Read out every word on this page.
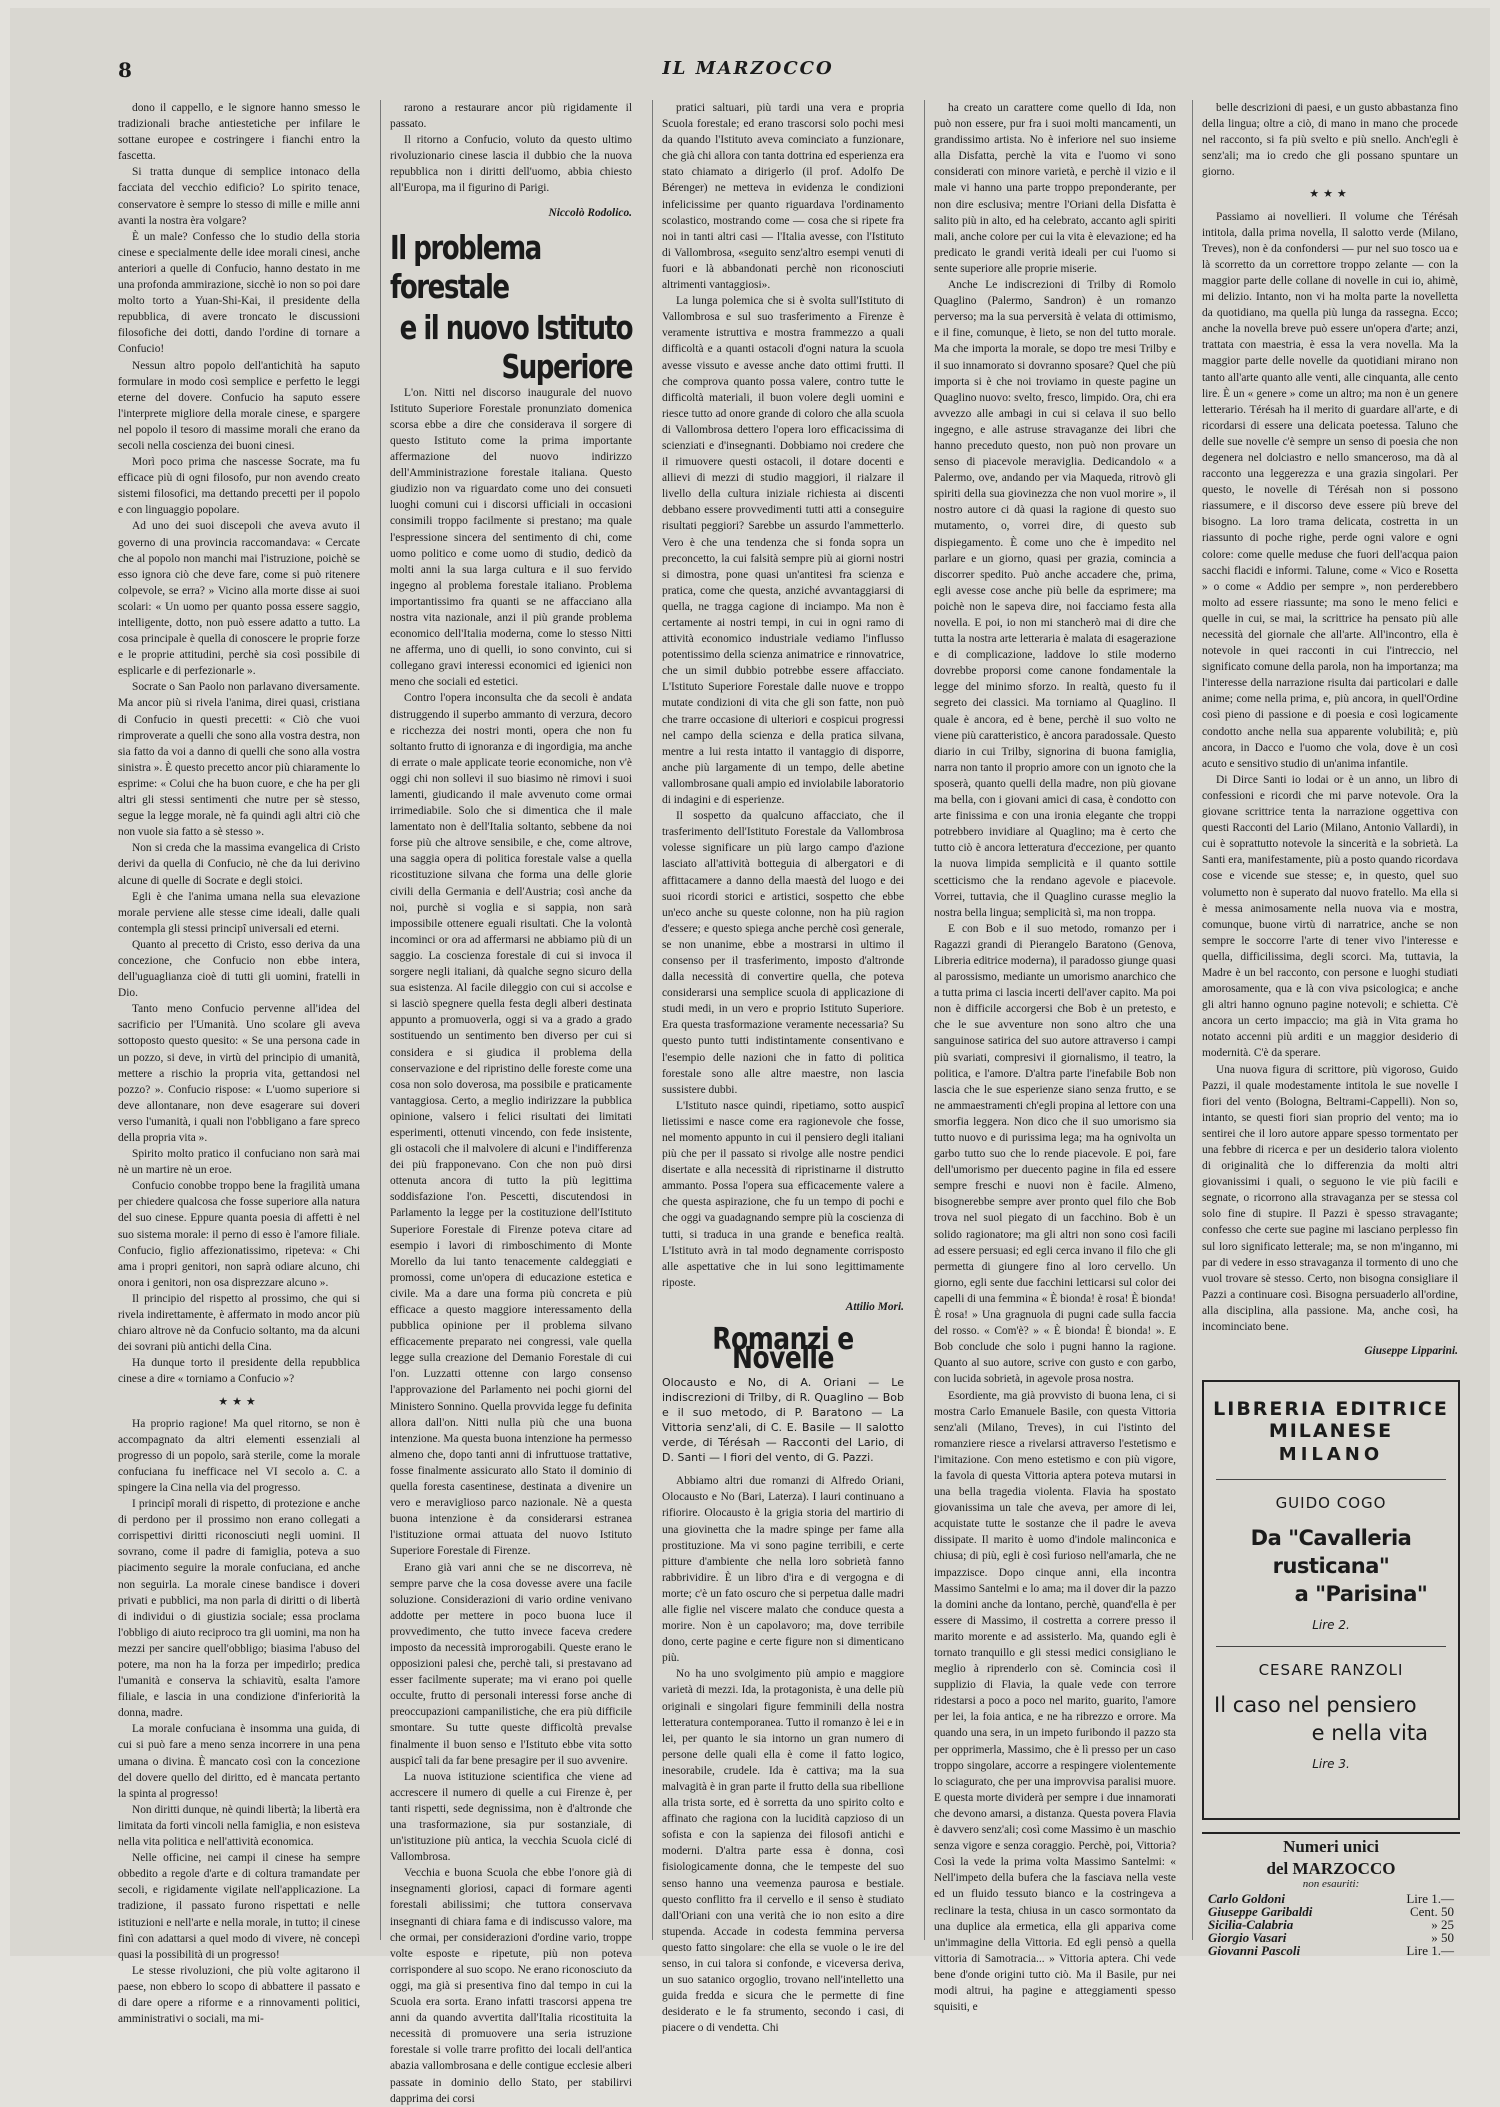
8	IL MARZOCCO

dono il cappello, e le signore hanno smesso le tradizionali brache antiestetiche per infilare le sottane europee e costringere i fianchi entro la fascetta.

Si tratta dunque di semplice intonaco della facciata del vecchio edificio? Lo spirito tenace, conservatore è sempre lo stesso di mille e mille anni avanti la nostra èra volgare?

È un male? Confesso che lo studio della storia cinese e specialmente delle idee morali cinesi, anche anteriori a quelle di Confucio, hanno destato in me una profonda ammirazione, sicchè io non so poi dare molto torto a Yuan-Shi-Kai, il presidente della repubblica, di avere troncato le discussioni filosofiche dei dotti, dando l'ordine di tornare a Confucio!

Nessun altro popolo dell'antichità ha saputo formulare in modo così semplice e perfetto le leggi eterne del dovere. Confucio ha saputo essere l'interprete migliore della morale cinese, e spargere nel popolo il tesoro di massime morali che erano da secoli nella coscienza dei buoni cinesi.

Morì poco prima che nascesse Socrate, ma fu efficace più di ogni filosofo, pur non avendo creato sistemi filosofici, ma dettando precetti per il popolo e con linguaggio popolare.

Ad uno dei suoi discepoli che aveva avuto il governo di una provincia raccomandava: « Cercate che al popolo non manchi mai l'istruzione, poichè se esso ignora ciò che deve fare, come si può ritenere colpevole, se erra? » Vicino alla morte disse ai suoi scolari: « Un uomo per quanto possa essere saggio, intelligente, dotto, non può essere adatto a tutto. La cosa principale è quella di conoscere le proprie forze e le proprie attitudini, perchè sia così possibile di esplicarle e di perfezionarle ».

Socrate o San Paolo non parlavano diversamente. Ma ancor più si rivela l'anima, direi quasi, cristiana di Confucio in questi precetti: « Ciò che vuoi rimproverate a quelli che sono alla vostra destra, non sia fatto da voi a danno di quelli che sono alla vostra sinistra ». È questo precetto ancor più chiaramente lo esprime: « Colui che ha buon cuore, e che ha per gli altri gli stessi sentimenti che nutre per sè stesso, segue la legge morale, nè fa quindi agli altri ciò che non vuole sia fatto a sè stesso ».

Non si creda che la massima evangelica di Cristo derivi da quella di Confucio, nè che da lui derivino alcune di quelle di Socrate e degli stoici.

Egli è che l'anima umana nella sua elevazione morale perviene alle stesse cime ideali, dalle quali contempla gli stessi principî universali ed eterni.

Quanto al precetto di Cristo, esso deriva da una concezione, che Confucio non ebbe intera, dell'uguaglianza cioè di tutti gli uomini, fratelli in Dio.

Tanto meno Confucio pervenne all'idea del sacrificio per l'Umanità. Uno scolare gli aveva sottoposto questo quesito: « Se una persona cade in un pozzo, si deve, in virtù del principio di umanità, mettere a rischio la propria vita, gettandosi nel pozzo? ». Confucio rispose: « L'uomo superiore si deve allontanare, non deve esagerare sui doveri verso l'umanità, i quali non l'obbligano a fare spreco della propria vita ».

Spirito molto pratico il confuciano non sarà mai nè un martire nè un eroe.

Confucio conobbe troppo bene la fragilità umana per chiedere qualcosa che fosse superiore alla natura del suo cinese. Eppure quanta poesia di affetti è nel suo sistema morale: il perno di esso è l'amore filiale. Confucio, figlio affezionatissimo, ripeteva: « Chi ama i propri genitori, non saprà odiare alcuno, chi onora i genitori, non osa disprezzare alcuno ».

Il principio del rispetto al prossimo, che qui si rivela indirettamente, è affermato in modo ancor più chiaro altrove nè da Confucio soltanto, ma da alcuni dei sovrani più antichi della Cina.

Ha dunque torto il presidente della repubblica cinese a dire « torniamo a Confucio »?

★★★

Ha proprio ragione! Ma quel ritorno, se non è accompagnato da altri elementi essenziali al progresso di un popolo, sarà sterile, come la morale confuciana fu inefficace nel VI secolo a. C. a spingere la Cina nella via del progresso.

I principî morali di rispetto, di protezione e anche di perdono per il prossimo non erano collegati a corrispettivi diritti riconosciuti negli uomini. Il sovrano, come il padre di famiglia, poteva a suo piacimento seguire la morale confuciana, ed anche non seguirla. La morale cinese bandisce i doveri privati e pubblici, ma non parla di diritti o di libertà di individui o di giustizia sociale; essa proclama l'obbligo di aiuto reciproco tra gli uomini, ma non ha mezzi per sancire quell'obbligo; biasima l'abuso del potere, ma non ha la forza per impedirlo; predica l'umanità e conserva la schiavitù, esalta l'amore filiale, e lascia in una condizione d'inferiorità la donna, madre.

La morale confuciana è insomma una guida, di cui si può fare a meno senza incorrere in una pena umana o divina. È mancato così con la concezione del dovere quello del diritto, ed è mancata pertanto la spinta al progresso!

Non diritti dunque, nè quindi libertà; la libertà era limitata da forti vincoli nella famiglia, e non esisteva nella vita politica e nell'attività economica.

Nelle officine, nei campi il cinese ha sempre obbedito a regole d'arte e di coltura tramandate per secoli, e rigidamente vigilate nell'applicazione. La tradizione, il passato furono rispettati e nelle istituzioni e nell'arte e nella morale, in tutto; il cinese finì con adattarsi a quel modo di vivere, nè concepì quasi la possibilità di un progresso!

Le stesse rivoluzioni, che più volte agitarono il paese, non ebbero lo scopo di abbattere il passato e di dare opere a riforme e a rinnovamenti politici, amministrativi o sociali, ma mi-

rarono a restaurare ancor più rigidamente il passato.

Il ritorno a Confucio, voluto da questo ultimo rivoluzionario cinese lascia il dubbio che la nuova repubblica non i diritti dell'uomo, abbia chiesto all'Europa, ma il figurino di Parigi.

Niccolò Rodolico.

Il problema forestale

e il nuovo Istituto Superiore

L'on. Nitti nel discorso inaugurale del nuovo Istituto Superiore Forestale pronunziato domenica scorsa ebbe a dire che considerava il sorgere di questo Istituto come la prima importante affermazione del nuovo indirizzo dell'Amministrazione forestale italiana. Questo giudizio non va riguardato come uno dei consueti luoghi comuni cui i discorsi ufficiali in occasioni consimili troppo facilmente si prestano; ma quale l'espressione sincera del sentimento di chi, come uomo politico e come uomo di studio, dedicò da molti anni la sua larga cultura e il suo fervido ingegno al problema forestale italiano. Problema importantissimo fra quanti se ne affacciano alla nostra vita nazionale, anzi il più grande problema economico dell'Italia moderna, come lo stesso Nitti ne afferma, uno di quelli, io sono convinto, cui si collegano gravi interessi economici ed igienici non meno che sociali ed estetici.

Contro l'opera inconsulta che da secoli è andata distruggendo il superbo ammanto di verzura, decoro e ricchezza dei nostri monti, opera che non fu soltanto frutto di ignoranza e di ingordigia, ma anche di errate o male applicate teorie economiche, non v'è oggi chi non sollevi il suo biasimo nè rimovi i suoi lamenti, giudicando il male avvenuto come ormai irrimediabile. Solo che si dimentica che il male lamentato non è dell'Italia soltanto, sebbene da noi forse più che altrove sensibile, e che, come altrove, una saggia opera di politica forestale valse a quella ricostituzione silvana che forma una delle glorie civili della Germania e dell'Austria; così anche da noi, purchè si voglia e si sappia, non sarà impossibile ottenere eguali risultati. Che la volontà incominci or ora ad affermarsi ne abbiamo più di un saggio. La coscienza forestale di cui si invoca il sorgere negli italiani, dà qualche segno sicuro della sua esistenza. Al facile dileggio con cui si accolse e si lasciò spegnere quella festa degli alberi destinata appunto a promuoverla, oggi si va a grado a grado sostituendo un sentimento ben diverso per cui si considera e si giudica il problema della conservazione e del ripristino delle foreste come una cosa non solo doverosa, ma possibile e praticamente vantaggiosa. Certo, a meglio indirizzare la pubblica opinione, valsero i felici risultati dei limitati esperimenti, ottenuti vincendo, con fede insistente, gli ostacoli che il malvolere di alcuni e l'indifferenza dei più frapponevano. Con che non può dirsi ottenuta ancora di tutto la più legittima soddisfazione l'on. Pescetti, discutendosi in Parlamento la legge per la costituzione dell'Istituto Superiore Forestale di Firenze poteva citare ad esempio i lavori di rimboschimento di Monte Morello da lui tanto tenacemente caldeggiati e promossi, come un'opera di educazione estetica e civile. Ma a dare una forma più concreta e più efficace a questo maggiore interessamento della pubblica opinione per il problema silvano efficacemente preparato nei congressi, vale quella legge sulla creazione del Demanio Forestale di cui l'on. Luzzatti ottenne con largo consenso l'approvazione del Parlamento nei pochi giorni del Ministero Sonnino. Quella provvida legge fu definita allora dall'on. Nitti nulla più che una buona intenzione. Ma questa buona intenzione ha permesso almeno che, dopo tanti anni di infruttuose trattative, fosse finalmente assicurato allo Stato il dominio di quella foresta casentinese, destinata a divenire un vero e meraviglioso parco nazionale. Nè a questa buona intenzione è da considerarsi estranea l'istituzione ormai attuata del nuovo Istituto Superiore Forestale di Firenze.

Erano già vari anni che se ne discorreva, nè sempre parve che la cosa dovesse avere una facile soluzione. Considerazioni di vario ordine venivano addotte per mettere in poco buona luce il provvedimento, che tutto invece faceva credere imposto da necessità improrogabili. Queste erano le opposizioni palesi che, perchè tali, si prestavano ad esser facilmente superate; ma vi erano poi quelle occulte, frutto di personali interessi forse anche di preoccupazioni campanilistiche, che era più difficile smontare. Su tutte queste difficoltà prevalse finalmente il buon senso e l'Istituto ebbe vita sotto auspicî tali da far bene presagire per il suo avvenire.

La nuova istituzione scientifica che viene ad accrescere il numero di quelle a cui Firenze è, per tanti rispetti, sede degnissima, non è d'altronde che una trasformazione, sia pur sostanziale, di un'istituzione più antica, la vecchia Scuola ciclé di Vallombrosa.

Vecchia e buona Scuola che ebbe l'onore già di insegnamenti gloriosi, capaci di formare agenti forestali abilissimi; che tuttora conservava insegnanti di chiara fama e di indiscusso valore, ma che ormai, per considerazioni d'ordine vario, troppe volte esposte e ripetute, più non poteva corrispondere al suo scopo. Ne erano riconosciuto da oggi, ma già si presentiva fino dal tempo in cui la Scuola era sorta. Erano infatti trascorsi appena tre anni da quando avvertita dall'Italia ricostituita la necessità di promuovere una seria istruzione forestale si volle trarre profitto dei locali dell'antica abazia vallombrosana e delle contigue ecclesie alberi passate in dominio dello Stato, per stabilirvi dapprima dei corsi

pratici saltuari, più tardi una vera e propria Scuola forestale; ed erano trascorsi solo pochi mesi da quando l'Istituto aveva cominciato a funzionare, che già chi allora con tanta dottrina ed esperienza era stato chiamato a dirigerlo (il prof. Adolfo De Bérenger) ne metteva in evidenza le condizioni infelicissime per quanto riguardava l'ordinamento scolastico, mostrando come — cosa che si ripete fra noi in tanti altri casi — l'Italia avesse, con l'Istituto di Vallombrosa, «seguito senz'altro esempi venuti di fuori e là abbandonati perchè non riconosciuti altrimenti vantaggiosi».

La lunga polemica che si è svolta sull'Istituto di Vallombrosa e sul suo trasferimento a Firenze è veramente istruttiva e mostra frammezzo a quali difficoltà e a quanti ostacoli d'ogni natura la scuola avesse vissuto e avesse anche dato ottimi frutti. Il che comprova quanto possa valere, contro tutte le difficoltà materiali, il buon volere degli uomini e riesce tutto ad onore grande di coloro che alla scuola di Vallombrosa dettero l'opera loro efficacissima di scienziati e d'insegnanti. Dobbiamo noi credere che il rimuovere questi ostacoli, il dotare docenti e allievi di mezzi di studio maggiori, il rialzare il livello della cultura iniziale richiesta ai discenti debbano essere provvedimenti tutti atti a conseguire risultati peggiori? Sarebbe un assurdo l'ammetterlo. Vero è che una tendenza che si fonda sopra un preconcetto, la cui falsità sempre più ai giorni nostri si dimostra, pone quasi un'antitesi fra scienza e pratica, come che questa, anziché avvantaggiarsi di quella, ne tragga cagione di inciampo. Ma non è certamente ai nostri tempi, in cui in ogni ramo di attività economico industriale vediamo l'influsso potentissimo della scienza animatrice e rinnovatrice, che un simil dubbio potrebbe essere affacciato. L'Istituto Superiore Forestale dalle nuove e troppo mutate condizioni di vita che gli son fatte, non può che trarre occasione di ulteriori e cospicui progressi nel campo della scienza e della pratica silvana, mentre a lui resta intatto il vantaggio di disporre, anche più largamente di un tempo, delle abetine vallombrosane quali ampio ed inviolabile laboratorio di indagini e di esperienze.

Il sospetto da qualcuno affacciato, che il trasferimento dell'Istituto Forestale da Vallombrosa volesse significare un più largo campo d'azione lasciato all'attività botteguia di albergatori e di affittacamere a danno della maestà del luogo e dei suoi ricordi storici e artistici, sospetto che ebbe un'eco anche su queste colonne, non ha più ragion d'essere; e questo spiega anche perchè così generale, se non unanime, ebbe a mostrarsi in ultimo il consenso per il trasferimento, imposto d'altronde dalla necessità di convertire quella, che poteva considerarsi una semplice scuola di applicazione di studi medi, in un vero e proprio Istituto Superiore. Era questa trasformazione veramente necessaria? Su questo punto tutti indistintamente consentivano e l'esempio delle nazioni che in fatto di politica forestale sono alle altre maestre, non lascia sussistere dubbi.

L'Istituto nasce quindi, ripetiamo, sotto auspicî lietissimi e nasce come era ragionevole che fosse, nel momento appunto in cui il pensiero degli italiani più che per il passato si rivolge alle nostre pendici disertate e alla necessità di ripristinarne il distrutto ammanto. Possa l'opera sua efficacemente valere a che questa aspirazione, che fu un tempo di pochi e che oggi va guadagnando sempre più la coscienza di tutti, si traduca in una grande e benefica realtà. L'Istituto avrà in tal modo degnamente corrisposto alle aspettative che in lui sono legittimamente riposte.

Attilio Mori.

Romanzi e Novelle

Olocausto e No, di A. Oriani — Le indiscrezioni di Trilby, di R. Quaglino — Bob e il suo metodo, di P. Baratono — La Vittoria senz'ali, di C. E. Basile — Il salotto verde, di Térésah — Racconti del Lario, di D. Santi — I fiori del vento, di G. Pazzi.

Abbiamo altri due romanzi di Alfredo Oriani, Olocausto e No (Bari, Laterza). I lauri continuano a rifiorire. Olocausto è la grigia storia del martirio di una giovinetta che la madre spinge per fame alla prostituzione. Ma vi sono pagine terribili, e certe pitture d'ambiente che nella loro sobrietà fanno rabbrividire. È un libro d'ira e di vergogna e di morte; c'è un fato oscuro che si perpetua dalle madri alle figlie nel viscere malato che conduce questa a morire. Non è un capolavoro; ma, dove terribile dono, certe pagine e certe figure non si dimenticano più.

No ha uno svolgimento più ampio e maggiore varietà di mezzi. Ida, la protagonista, è una delle più originali e singolari figure femminili della nostra letteratura contemporanea. Tutto il romanzo è lei e in lei, per quanto le sia intorno un gran numero di persone delle quali ella è come il fatto logico, inesorabile, crudele. Ida è cattiva; ma la sua malvagità è in gran parte il frutto della sua ribellione alla trista sorte, ed è sorretta da uno spirito colto e affinato che ragiona con la lucidità capzioso di un sofista e con la sapienza dei filosofi antichi e moderni. D'altra parte essa è donna, così fisiologicamente donna, che le tempeste del suo senso hanno una veemenza paurosa e bestiale. questo conflitto fra il cervello e il senso è studiato dall'Oriani con una verità che io non esito a dire stupenda. Accade in codesta femmina perversa questo fatto singolare: che ella se vuole o le ire del senso, in cui talora si confonde, e viceversa deriva, un suo satanico orgoglio, trovano nell'intelletto una guida fredda e sicura che le permette di fine desiderato e le fa strumento, secondo i casi, di piacere o di vendetta. Chi

ha creato un carattere come quello di Ida, non può non essere, pur fra i suoi molti mancamenti, un grandissimo artista. No è inferiore nel suo insieme alla Disfatta, perchè la vita e l'uomo vi sono considerati con minore varietà, e perchè il vizio e il male vi hanno una parte troppo preponderante, per non dire esclusiva; mentre l'Oriani della Disfatta è salito più in alto, ed ha celebrato, accanto agli spiriti mali, anche colore per cui la vita è elevazione; ed ha predicato le grandi verità ideali per cui l'uomo si sente superiore alle proprie miserie.

Anche Le indiscrezioni di Trilby di Romolo Quaglino (Palermo, Sandron) è un romanzo perverso; ma la sua perversità è velata di ottimismo, e il fine, comunque, è lieto, se non del tutto morale. Ma che importa la morale, se dopo tre mesi Trilby e il suo innamorato si dovranno sposare? Quel che più importa si è che noi troviamo in queste pagine un Quaglino nuovo: svelto, fresco, limpido. Ora, chi era avvezzo alle ambagi in cui si celava il suo bello ingegno, e alle astruse stravaganze dei libri che hanno preceduto questo, non può non provare un senso di piacevole meraviglia. Dedicandolo « a Palermo, ove, andando per via Maqueda, ritrovò gli spiriti della sua giovinezza che non vuol morire », il nostro autore ci dà quasi la ragione di questo suo mutamento, o, vorrei dire, di questo sub dispiegamento. È come uno che è impedito nel parlare e un giorno, quasi per grazia, comincia a discorrer spedito. Può anche accadere che, prima, egli avesse cose anche più belle da esprimere; ma poichè non le sapeva dire, noi facciamo festa alla novella. E poi, io non mi stancherò mai di dire che tutta la nostra arte letteraria è malata di esagerazione e di complicazione, laddove lo stile moderno dovrebbe proporsi come canone fondamentale la legge del minimo sforzo. In realtà, questo fu il segreto dei classici. Ma torniamo al Quaglino. Il quale è ancora, ed è bene, perchè il suo volto ne viene più caratteristico, è ancora paradossale. Questo diario in cui Trilby, signorina di buona famiglia, narra non tanto il proprio amore con un ignoto che la sposerà, quanto quelli della madre, non più giovane ma bella, con i giovani amici di casa, è condotto con arte finissima e con una ironia elegante che troppi potrebbero invidiare al Quaglino; ma è certo che tutto ciò è ancora letteratura d'eccezione, per quanto la nuova limpida semplicità e il quanto sottile scetticismo che la rendano agevole e piacevole. Vorrei, tuttavia, che il Quaglino curasse meglio la nostra bella lingua; semplicità sì, ma non troppa.

E con Bob e il suo metodo, romanzo per i Ragazzi grandi di Pierangelo Baratono (Genova, Libreria editrice moderna), il paradosso giunge quasi al parossismo, mediante un umorismo anarchico che a tutta prima ci lascia incerti dell'aver capito. Ma poi non è difficile accorgersi che Bob è un pretesto, e che le sue avventure non sono altro che una sanguinose satirica del suo autore attraverso i campi più svariati, compresivi il giornalismo, il teatro, la politica, e l'amore. D'altra parte l'inefabile Bob non lascia che le sue esperienze siano senza frutto, e se ne ammaestramenti ch'egli propina al lettore con una smorfia leggera. Non dico che il suo umorismo sia tutto nuovo e di purissima lega; ma ha ognivolta un garbo tutto suo che lo rende piacevole. E poi, fare dell'umorismo per duecento pagine in fila ed essere sempre freschi e nuovi non è facile. Almeno, bisognerebbe sempre aver pronto quel filo che Bob trova nel suol piegato di un facchino. Bob è un solido ragionatore; ma gli altri non sono così facili ad essere persuasi; ed egli cerca invano il filo che gli permetta di giungere fino al loro cervello. Un giorno, egli sente due facchini letticarsi sul color dei capelli di una femmina « È bionda! è rosa! È bionda! È rosa! » Una gragnuola di pugni cade sulla faccia del rosso. « Com'è? » « È bionda! È bionda! ». E Bob conclude che solo i pugni hanno la ragione. Quanto al suo autore, scrive con gusto e con garbo, con lucida sobrietà, in agevole prosa nostra.

Esordiente, ma già provvisto di buona lena, ci si mostra Carlo Emanuele Basile, con questa Vittoria senz'ali (Milano, Treves), in cui l'istinto del romanziere riesce a rivelarsi attraverso l'estetismo e l'imitazione. Con meno estetismo e con più vigore, la favola di questa Vittoria aptera poteva mutarsi in una bella tragedia violenta. Flavia ha spostato giovanissima un tale che aveva, per amore di lei, acquistate tutte le sostanze che il padre le aveva dissipate. Il marito è uomo d'indole malinconica e chiusa; di più, egli è così furioso nell'amarla, che ne impazzisce. Dopo cinque anni, ella incontra Massimo Santelmi e lo ama; ma il dover dir la pazzo la domini anche da lontano, perchè, quand'ella è per essere di Massimo, il costretta a correre presso il marito morente e ad assisterlo. Ma, quando egli è tornato tranquillo e gli stessi medici consigliano le meglio à riprenderlo con sè. Comincia così il supplizio di Flavia, la quale vede con terrore ridestarsi a poco a poco nel marito, guarito, l'amore per lei, la foia antica, e ne ha ribrezzo e orrore. Ma quando una sera, in un impeto furibondo il pazzo sta per opprimerla, Massimo, che è lì presso per un caso troppo singolare, accorre a respingere violentemente lo sciagurato, che per una improvvisa paralisi muore. E questa morte dividerà per sempre i due innamorati che devono amarsi, a distanza. Questa povera Flavia è davvero senz'ali; così come Massimo è un maschio senza vigore e senza coraggio. Perchè, poi, Vittoria? Così la vede la prima volta Massimo Santelmi: « Nell'impeto della bufera che la fasciava nella veste ed un fluido tessuto bianco e la costringeva a reclinare la testa, chiusa in un casco sormontato da una duplice ala ermetica, ella gli appariva come un'immagine della Vittoria. Ed egli pensò a quella vittoria di Samotracia... » Vittoria aptera. Chi vede bene d'onde origini tutto ciò. Ma il Basile, pur nei modi altrui, ha pagine e atteggiamenti spesso squisiti, e

belle descrizioni di paesi, e un gusto abbastanza fino della lingua; oltre a ciò, di mano in mano che procede nel racconto, si fa più svelto e più snello. Anch'egli è senz'ali; ma io credo che gli possano spuntare un giorno.

★★★

Passiamo ai novellieri. Il volume che Térésah intitola, dalla prima novella, Il salotto verde (Milano, Treves), non è da confondersi — pur nel suo tosco ua e là scorretto da un correttore troppo zelante — con la maggior parte delle collane di novelle in cui io, ahimè, mi delizio. Intanto, non vi ha molta parte la novelletta da quotidiano, ma quella più lunga da rassegna. Ecco; anche la novella breve può essere un'opera d'arte; anzi, trattata con maestria, è essa la vera novella. Ma la maggior parte delle novelle da quotidiani mirano non tanto all'arte quanto alle venti, alle cinquanta, alle cento lire. È un « genere » come un altro; ma non è un genere letterario. Térésah ha il merito di guardare all'arte, e di ricordarsi di essere una delicata poetessa. Taluno che delle sue novelle c'è sempre un senso di poesia che non degenera nel dolciastro e nello smanceroso, ma dà al racconto una leggerezza e una grazia singolari. Per questo, le novelle di Térésah non si possono riassumere, e il discorso deve essere più breve del bisogno. La loro trama delicata, costretta in un riassunto di poche righe, perde ogni valore e ogni colore: come quelle meduse che fuori dell'acqua paion sacchi flacidi e informi. Talune, come « Vico e Rosetta » o come « Addio per sempre », non perderebbero molto ad essere riassunte; ma sono le meno felici e quelle in cui, se mai, la scrittrice ha pensato più alle necessità del giornale che all'arte. All'incontro, ella è notevole in quei racconti in cui l'intreccio, nel significato comune della parola, non ha importanza; ma l'interesse della narrazione risulta dai particolari e dalle anime; come nella prima, e, più ancora, in quell'Ordine così pieno di passione e di poesia e così logicamente condotto anche nella sua apparente volubilità; e, più ancora, in Dacco e l'uomo che vola, dove è un così acuto e sensitivo studio di un'anima infantile.

Di Dirce Santi io lodai or è un anno, un libro di confessioni e ricordi che mi parve notevole. Ora la giovane scrittrice tenta la narrazione oggettiva con questi Racconti del Lario (Milano, Antonio Vallardi), in cui è soprattutto notevole la sincerità e la sobrietà. La Santi era, manifestamente, più a posto quando ricordava cose e vicende sue stesse; e, in questo, quel suo volumetto non è superato dal nuovo fratello. Ma ella si è messa animosamente nella nuova via e mostra, comunque, buone virtù di narratrice, anche se non sempre le soccorre l'arte di tener vivo l'interesse e quella, difficilissima, degli scorci. Ma, tuttavia, la Madre è un bel racconto, con persone e luoghi studiati amorosamente, qua e là con viva psicologica; e anche gli altri hanno ognuno pagine notevoli; e schietta. C'è ancora un certo impaccio; ma già in Vita grama ho notato accenni più arditi e un maggior desiderio di modernità. C'è da sperare.

Una nuova figura di scrittore, più vigoroso, Guido Pazzi, il quale modestamente intitola le sue novelle I fiori del vento (Bologna, Beltrami-Cappelli). Non so, intanto, se questi fiori sian proprio del vento; ma io sentirei che il loro autore appare spesso tormentato per una febbre di ricerca e per un desiderio talora violento di originalità che lo differenzia da molti altri giovanissimi i quali, o seguono le vie più facili e segnate, o ricorrono alla stravaganza per se stessa col solo fine di stupire. Il Pazzi è spesso stravagante; confesso che certe sue pagine mi lasciano perplesso fin sul loro significato letterale; ma, se non m'inganno, mi par di vedere in esso stravaganza il tormento di uno che vuol trovare sè stesso. Certo, non bisogna consigliare il Pazzi a continuare così. Bisogna persuaderlo all'ordine, alla disciplina, alla passione. Ma, anche così, ha incominciato bene.

Giuseppe Lipparini.

LIBRERIA EDITRICE MILANESE
MILANO
GUIDO COGO
Da "Cavalleria rusticana"
a "Parisina"
Lire 2.
CESARE RANZOLI
Il caso nel pensiero
e nella vita
Lire 3.
Numeri unici
del MARZOCCO
non esauriti:
Carlo Goldoni	Lire 1.—
Giuseppe Garibaldi	Cent. 50
Sicilia-Calabria	» 25
Giorgio Vasari	» 50
Giovanni Pascoli	Lire 1.—
